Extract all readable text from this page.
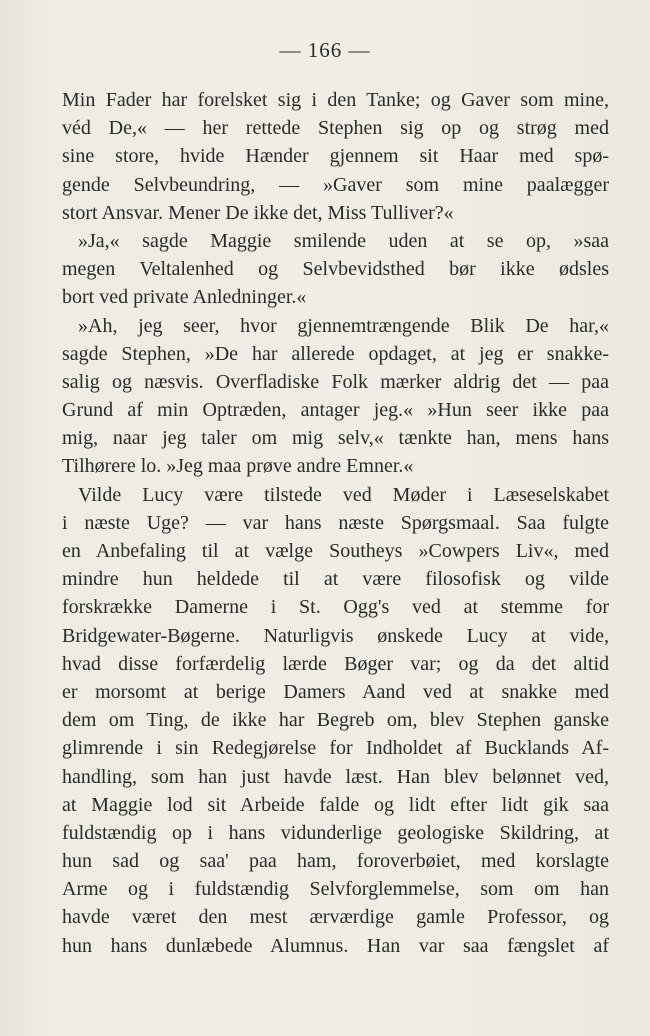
— 166 —
Min Fader har forelsket sig i den Tanke; og Gaver som mine,
véd De,« — her rettede Stephen sig op og strøg med
sine store, hvide Hænder gjennem sit Haar med spø-
gende Selvbeundring, — »Gaver som mine paalægger
stort Ansvar. Mener De ikke det, Miss Tulliver?«
»Ja,« sagde Maggie smilende uden at se op, »saa
megen Veltalenhed og Selvbevidsthed bør ikke ødsles
bort ved private Anledninger.«
»Ah, jeg seer, hvor gjennemtrængende Blik De har,«
sagde Stephen, »De har allerede opdaget, at jeg er snakke-
salig og næsvis. Overfladiske Folk mærker aldrig det — paa
Grund af min Optræden, antager jeg.« »Hun seer ikke paa
mig, naar jeg taler om mig selv,« tænkte han, mens hans
Tilhørere lo. »Jeg maa prøve andre Emner.«
Vilde Lucy være tilstede ved Møder i Læseselskabet
i næste Uge? — var hans næste Spørgsmaal. Saa fulgte
en Anbefaling til at vælge Southeys »Cowpers Liv«, med
mindre hun heldede til at være filosofisk og vilde
forskrække Damerne i St. Ogg's ved at stemme for
Bridgewater-Bøgerne. Naturligvis ønskede Lucy at vide,
hvad disse forfærdelig lærde Bøger var; og da det altid
er morsomt at berige Damers Aand ved at snakke med
dem om Ting, de ikke har Begreb om, blev Stephen ganske
glimrende i sin Redegjørelse for Indholdet af Bucklands Af-
handling, som han just havde læst. Han blev belønnet ved,
at Maggie lod sit Arbeide falde og lidt efter lidt gik saa
fuldstændig op i hans vidunderlige geologiske Skildring, at
hun sad og saa' paa ham, foroverbøiet, med korslagte
Arme og i fuldstændig Selvforglemmelse, som om han
havde været den mest ærværdige gamle Professor, og
hun hans dunlæbede Alumnus. Han var saa fængslet af
